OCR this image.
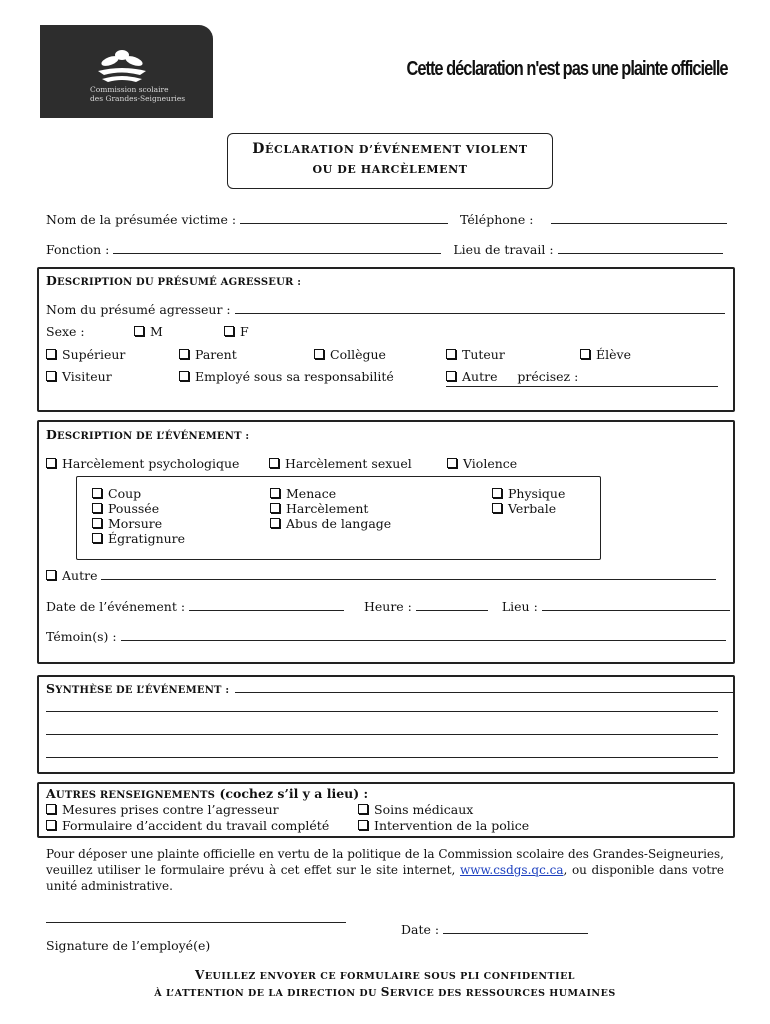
Commission scolaire
des Grandes-Seigneuries
Cette déclaration n'est pas une plainte officielle
DÉCLARATION D’ÉVÉNEMENT VIOLENT
OU DE HARCÈLEMENT
Nom de la présumée victime :	Téléphone :
Fonction :	Lieu de travail :
DESCRIPTION DU PRÉSUMÉ AGRESSEUR :
Nom du présumé agresseur :
Sexe :	M	F
Supérieur	Parent	Collègue	Tuteur	Élève
Visiteur	Employé sous sa responsabilité	Autre     précisez :
DESCRIPTION DE L’ÉVÉNEMENT :
Harcèlement psychologique	Harcèlement sexuel	Violence
Coup
Poussée
Morsure
Égratignure
Menace
Harcèlement
Abus de langage
Physique
Verbale
Autre
Date de l’événement :	Heure :	Lieu :
Témoin(s) :
SYNTHÈSE DE L’ÉVÉNEMENT :
AUTRES RENSEIGNEMENTS (cochez s’il y a lieu) :
Mesures prises contre l’agresseur	Soins médicaux
Formulaire d’accident du travail complété	Intervention de la police
Pour déposer une plainte officielle en vertu de la politique de la Commission scolaire des Grandes-Seigneuries, veuillez utiliser le formulaire prévu à cet effet sur le site internet, www.csdgs.qc.ca, ou disponible dans votre unité administrative.
Date :
Signature de l’employé(e)
VEUILLEZ ENVOYER CE FORMULAIRE SOUS PLI CONFIDENTIEL
À L’ATTENTION DE LA DIRECTION DU SERVICE DES RESSOURCES HUMAINES
